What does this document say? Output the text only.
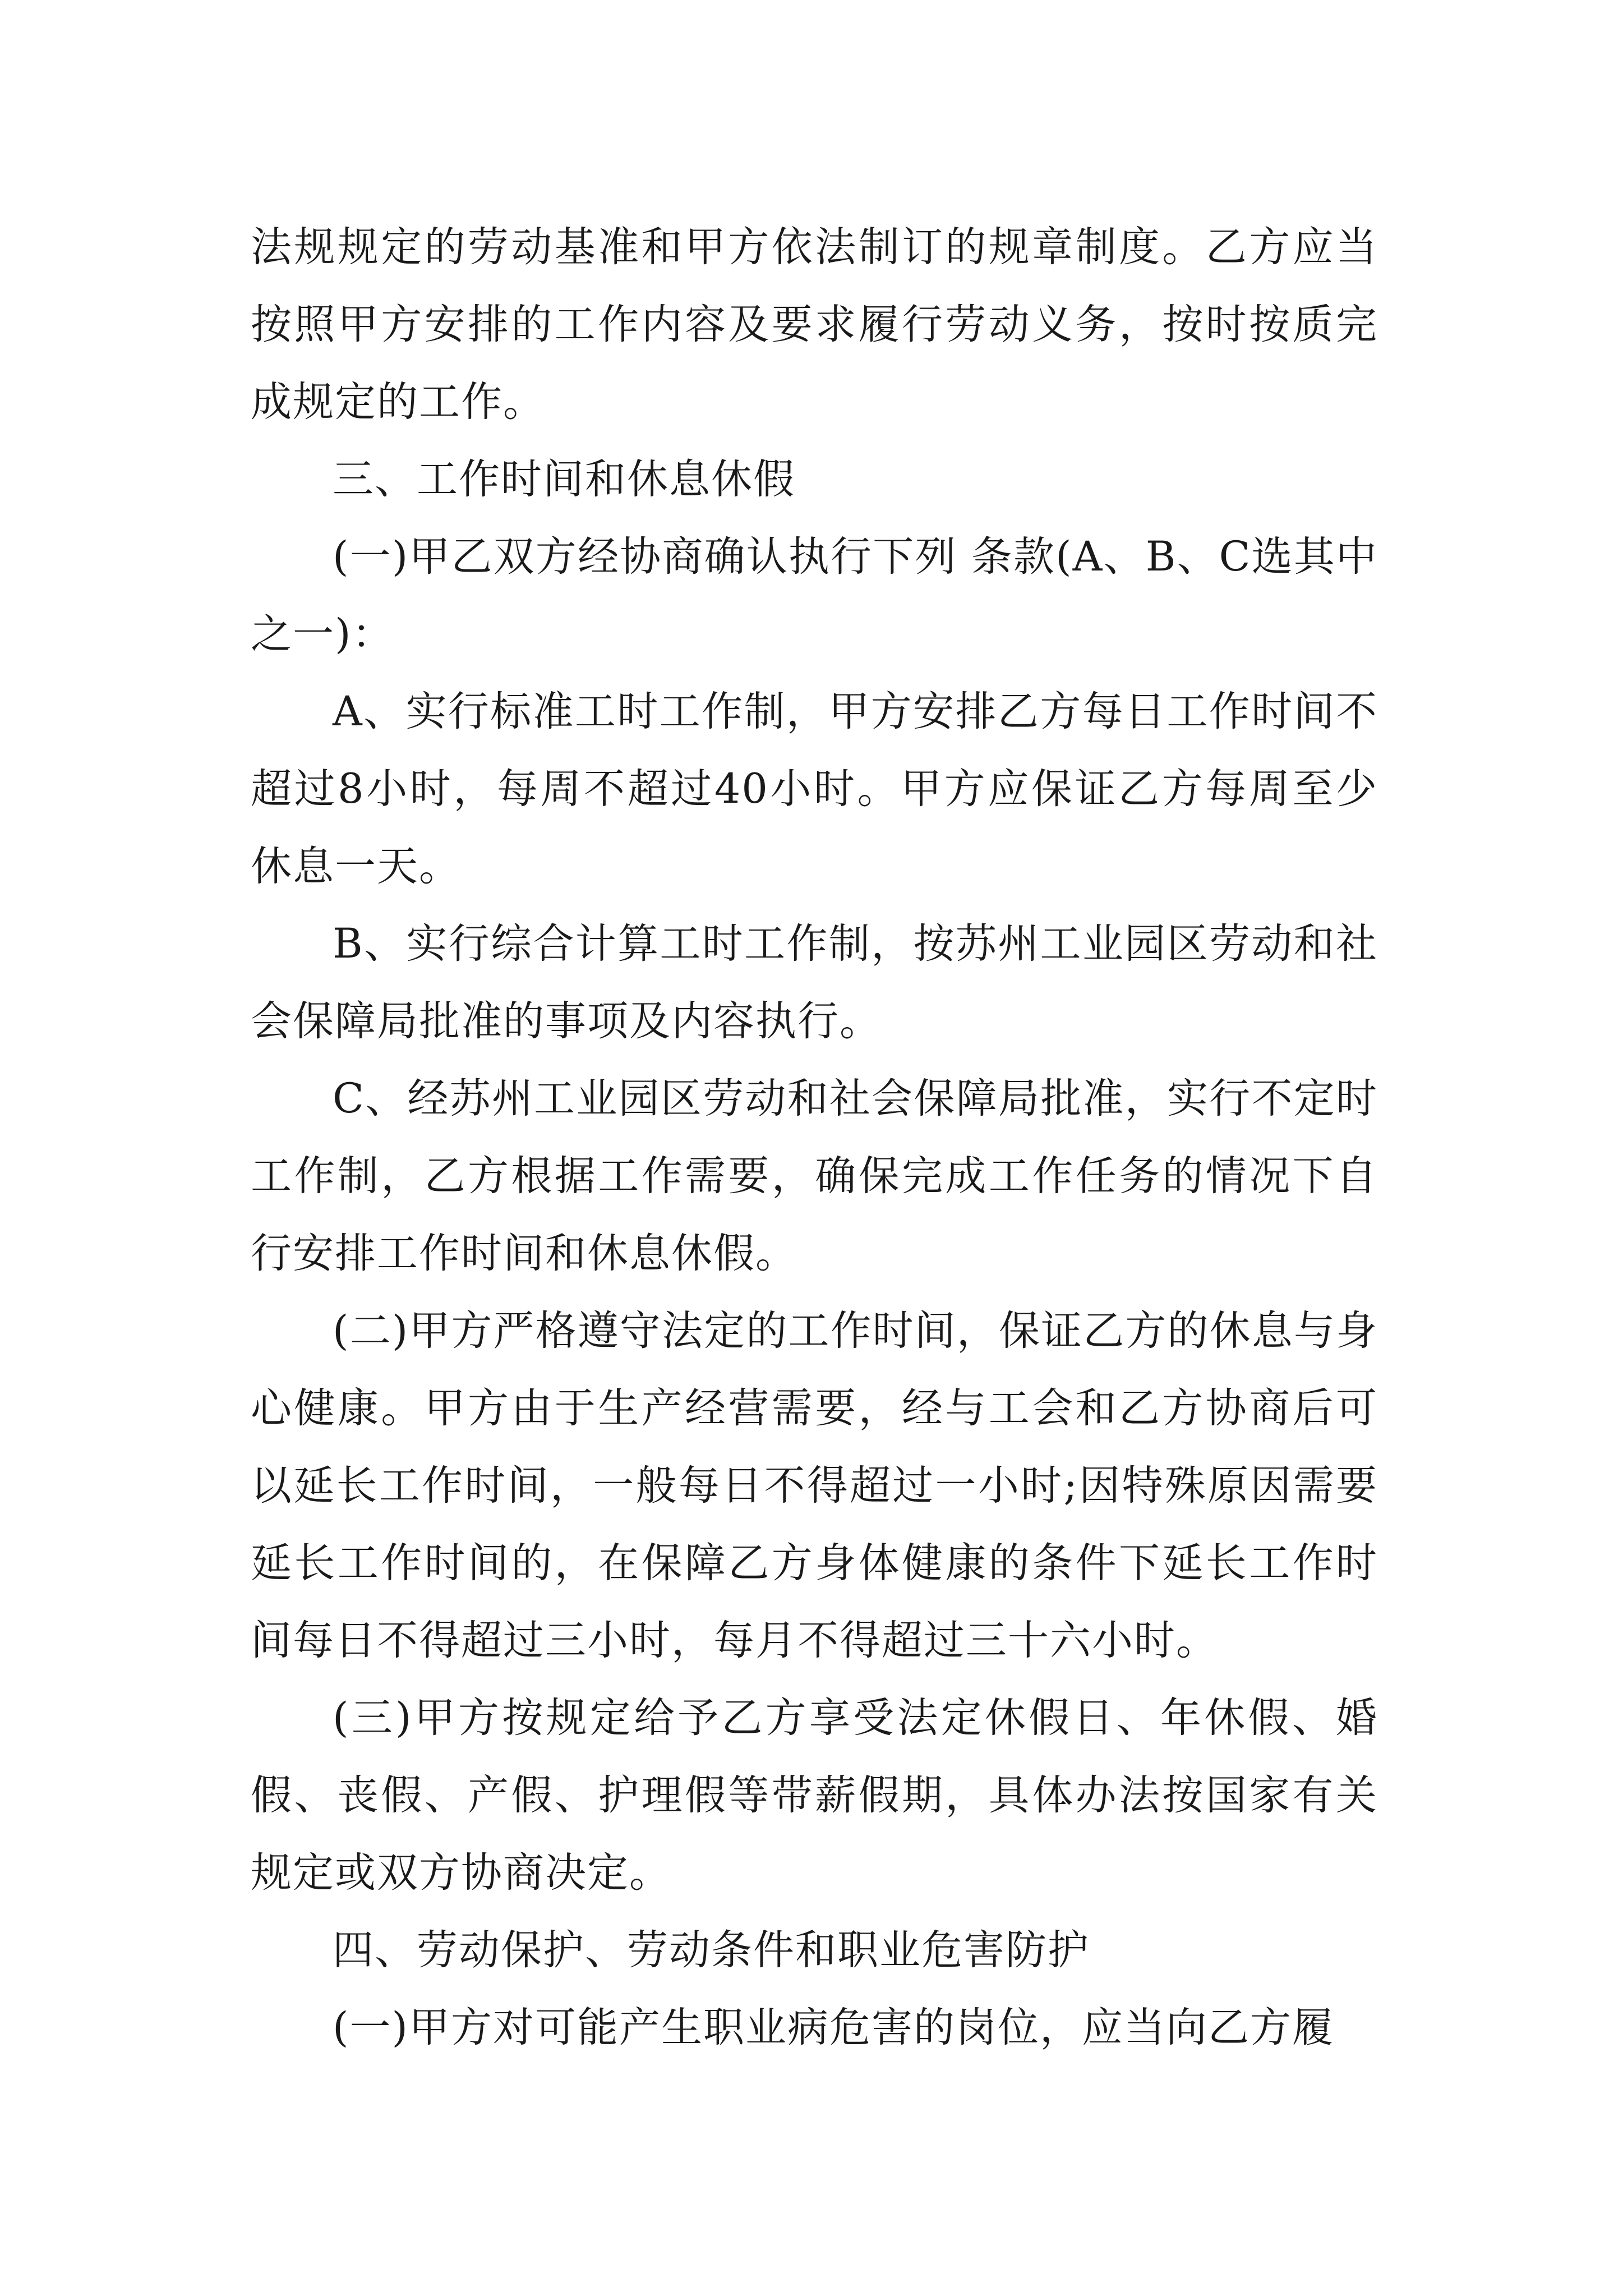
法规规定的劳动基准和甲方依法制订的规章制度。乙方应当按照甲方安排的工作内容及要求履行劳动义务，按时按质完成规定的工作。

三、工作时间和休息休假

(一)甲乙双方经协商确认执行下列 条款(A、B、C选其中之一)：

A、实行标准工时工作制，甲方安排乙方每日工作时间不超过8小时，每周不超过40小时。甲方应保证乙方每周至少休息一天。

B、实行综合计算工时工作制，按苏州工业园区劳动和社会保障局批准的事项及内容执行。

C、经苏州工业园区劳动和社会保障局批准，实行不定时工作制，乙方根据工作需要，确保完成工作任务的情况下自行安排工作时间和休息休假。

(二)甲方严格遵守法定的工作时间，保证乙方的休息与身心健康。甲方由于生产经营需要，经与工会和乙方协商后可以延长工作时间，一般每日不得超过一小时;因特殊原因需要延长工作时间的，在保障乙方身体健康的条件下延长工作时间每日不得超过三小时，每月不得超过三十六小时。

(三)甲方按规定给予乙方享受法定休假日、年休假、婚假、丧假、产假、护理假等带薪假期，具体办法按国家有关规定或双方协商决定。

四、劳动保护、劳动条件和职业危害防护

(一)甲方对可能产生职业病危害的岗位，应当向乙方履
